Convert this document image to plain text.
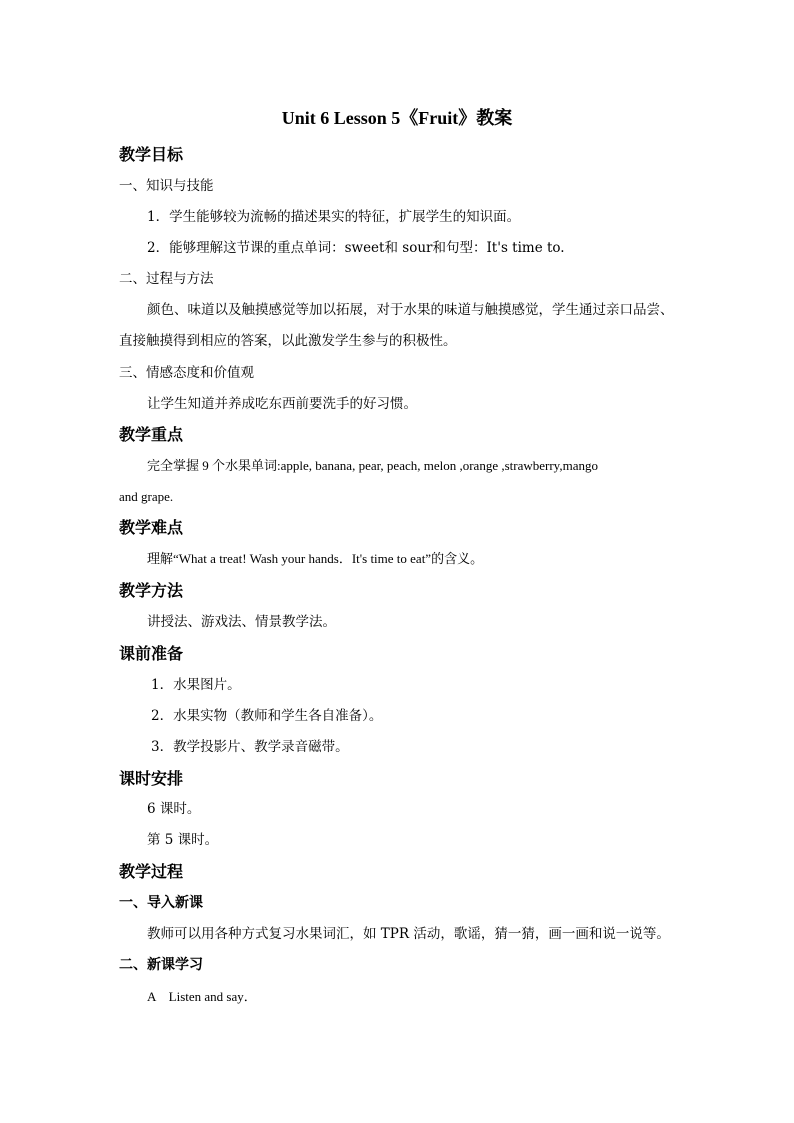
Unit 6 Lesson 5《Fruit》教案
教学目标
一、知识与技能
1．学生能够较为流畅的描述果实的特征，扩展学生的知识面。
2．能够理解这节课的重点单词：sweet和 sour和句型：It's time to.
二、过程与方法
颜色、味道以及触摸感觉等加以拓展，对于水果的味道与触摸感觉，学生通过亲口品尝、
直接触摸得到相应的答案，以此激发学生参与的积极性。
三、情感态度和价值观
让学生知道并养成吃东西前要洗手的好习惯。
教学重点
完全掌握 9 个水果单词:apple, banana, pear, peach, melon ,orange ,strawberry,mango
and grape.
教学难点
理解“What a treat! Wash your hands．It's time to eat”的含义。
教学方法
讲授法、游戏法、情景教学法。
课前准备
1．水果图片。
2．水果实物（教师和学生各自准备）。
3．教学投影片、教学录音磁带。
课时安排
6 课时。
第 5 课时。
教学过程
一、导入新课
教师可以用各种方式复习水果词汇，如 TPR 活动，歌谣，猜一猜，画一画和说一说等。
二、新课学习
A　Listen and say．
